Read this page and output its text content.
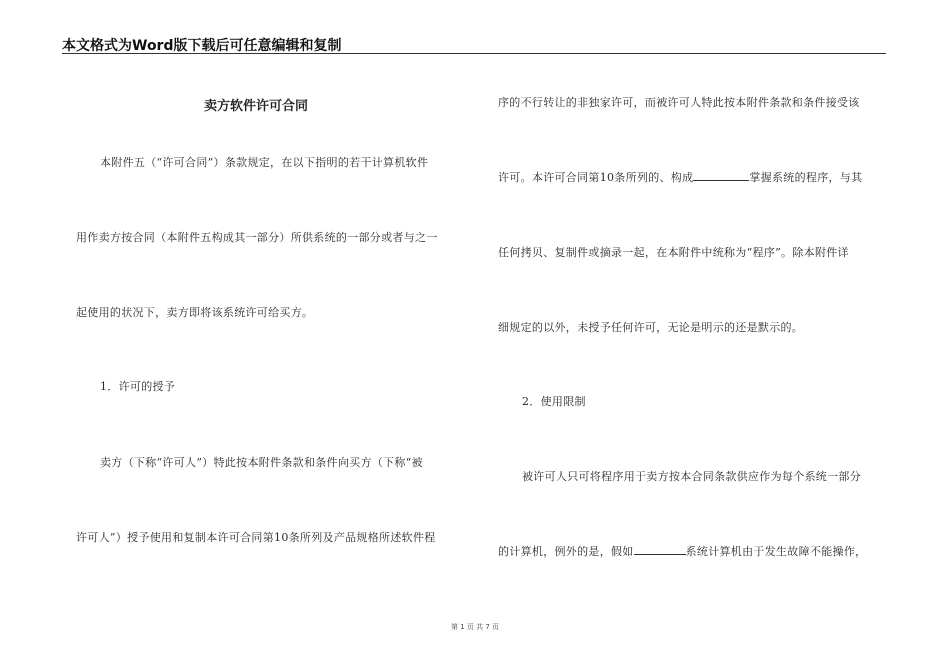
本文格式为Word版下载后可任意编辑和复制
卖方软件许可合同
本附件五（“许可合同”）条款规定，在以下指明的若干计算机软件
用作卖方按合同（本附件五构成其一部分）所供系统的一部分或者与之一
起使用的状况下，卖方即将该系统许可给买方。
1．许可的授予
卖方（下称“许可人”）特此按本附件条款和条件向买方（下称“被
许可人”）授予使用和复制本许可合同第10条所列及产品规格所述软件程
序的不行转让的非独家许可，而被许可人特此按本附件条款和条件接受该
许可。本许可合同第10条所列的、构成	掌握系统的程序，与其
任何拷贝、复制件或摘录一起，在本附件中统称为“程序”。除本附件详
细规定的以外，未授予任何许可，无论是明示的还是默示的。
2．使用限制
被许可人只可将程序用于卖方按本合同条款供应作为每个系统一部分
的计算机，例外的是，假如	系统计算机由于发生故障不能操作，
第 1 页 共 7 页
